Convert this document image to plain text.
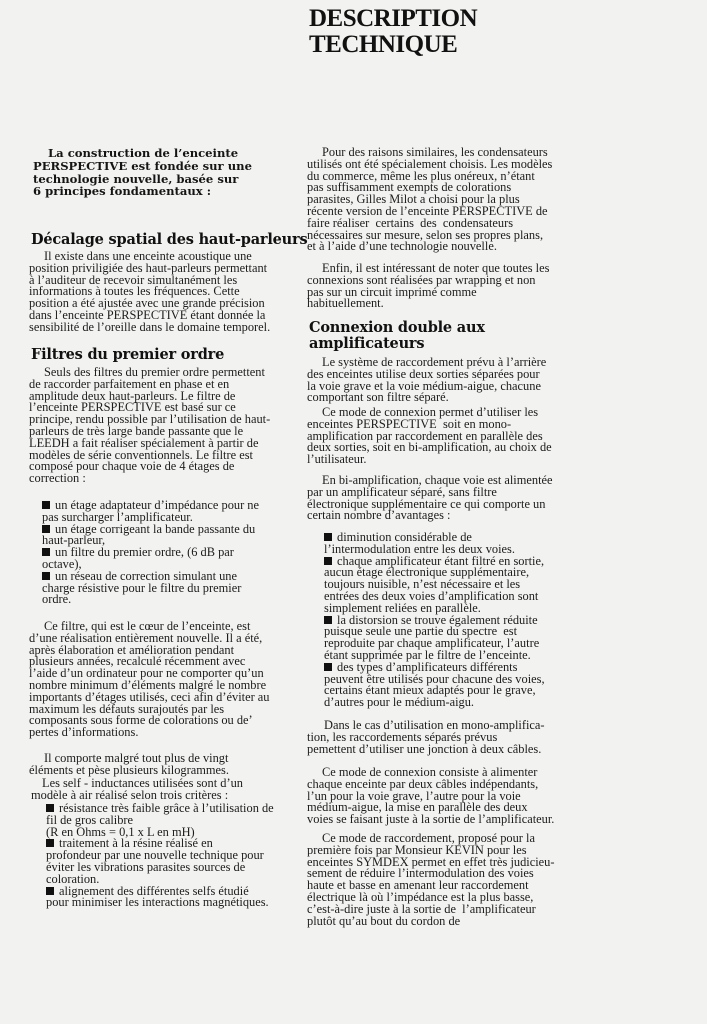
DESCRIPTION
TECHNIQUE
La construction de l’enceinte
PERSPECTIVE est fondée sur une
technologie nouvelle, basée sur
6 principes fondamentaux :
Décalage spatial des haut-parleurs
Il existe dans une enceinte acoustique une
position priviligiée des haut-parleurs permettant
à l’auditeur de recevoir simultanément les
informations à toutes les fréquences. Cette
position a été ajustée avec une grande précision
dans l’enceinte PERSPECTIVE étant donnée la
sensibilité de l’oreille dans le domaine temporel.
Filtres du premier ordre
Seuls des filtres du premier ordre permettent
de raccorder parfaitement en phase et en
amplitude deux haut-parleurs. Le filtre de
l’enceinte PERSPECTIVE est basé sur ce
principe, rendu possible par l’utilisation de haut-
parleurs de très large bande passante que le
LEEDH a fait réaliser spécialement à partir de
modèles de série conventionnels. Le filtre est
composé pour chaque voie de 4 étages de
correction :
un étage adaptateur d’impédance pour ne
pas surcharger l’amplificateur.
un étage corrigeant la bande passante du
haut-parleur,
un filtre du premier ordre, (6 dB par
octave),
un réseau de correction simulant une
charge résistive pour le filtre du premier
ordre.
Ce filtre, qui est le cœur de l’enceinte, est
d’une réalisation entièrement nouvelle. Il a été,
après élaboration et amélioration pendant
plusieurs années, recalculé récemment avec
l’aide d’un ordinateur pour ne comporter qu’un
nombre minimum d’éléments malgré le nombre
importants d’étages utilisés, ceci afin d’éviter au
maximum les défauts surajoutés par les
composants sous forme de colorations ou de’
pertes d’informations.
Il comporte malgré tout plus de vingt
éléments et pèse plusieurs kilogrammes.
Les self - inductances utilisées sont d’un
modèle à air réalisé selon trois critères :
résistance très faible grâce à l’utilisation de
fil de gros calibre
(R en Ohms = 0,1 x L en mH)
traitement à la résine réalisé en
profondeur par une nouvelle technique pour
éviter les vibrations parasites sources de
coloration.
alignement des différentes selfs étudié
pour minimiser les interactions magnétiques.
Pour des raisons similaires, les condensateurs
utilisés ont été spécialement choisis. Les modèles
du commerce, même les plus onéreux, n’étant
pas suffisamment exempts de colorations
parasites, Gilles Milot a choisi pour la plus
récente version de l’enceinte PERSPECTIVE de
faire réaliser  certains  des  condensateurs
nécessaires sur mesure, selon ses propres plans,
et à l’aide d’une technologie nouvelle.
Enfin, il est intéressant de noter que toutes les
connexions sont réalisées par wrapping et non
pas sur un circuit imprimé comme
habituellement.
Connexion double aux
amplificateurs
Le système de raccordement prévu à l’arrière
des enceintes utilise deux sorties séparées pour
la voie grave et la voie médium-aigue, chacune
comportant son filtre séparé.
Ce mode de connexion permet d’utiliser les
enceintes PERSPECTIVE  soit en mono-
amplification par raccordement en parallèle des
deux sorties, soit en bi-amplification, au choix de
l’utilisateur.
En bi-amplification, chaque voie est alimentée
par un amplificateur séparé, sans filtre
électronique supplémentaire ce qui comporte un
certain nombre d’avantages :
diminution considérable de
l’intermodulation entre les deux voies.
chaque amplificateur étant filtré en sortie,
aucun étage électronique supplémentaire,
toujours nuisible, n’est nécessaire et les
entrées des deux voies d’amplification sont
simplement reliées en parallèle.
la distorsion se trouve également réduite
puisque seule une partie du spectre  est
reproduite par chaque amplificateur, l’autre
étant supprimée par le filtre de l’enceinte.
des types d’amplificateurs différents
peuvent être utilisés pour chacune des voies,
certains étant mieux adaptés pour le grave,
d’autres pour le médium-aigu.
Dans le cas d’utilisation en mono-amplifica-
tion, les raccordements séparés prévus
pemettent d’utiliser une jonction à deux câbles.
Ce mode de connexion consiste à alimenter
chaque enceinte par deux câbles indépendants,
l’un pour la voie grave, l’autre pour la voie
médium-aigue, la mise en parallèle des deux
voies se faisant juste à la sortie de l’amplificateur.
Ce mode de raccordement, proposé pour la
première fois par Monsieur KEVIN pour les
enceintes SYMDEX permet en effet très judicieu-
sement de réduire l’intermodulation des voies
haute et basse en amenant leur raccordement
électrique là où l’impédance est la plus basse,
c’est-à-dire juste à la sortie de  l’amplificateur
plutôt qu’au bout du cordon de
